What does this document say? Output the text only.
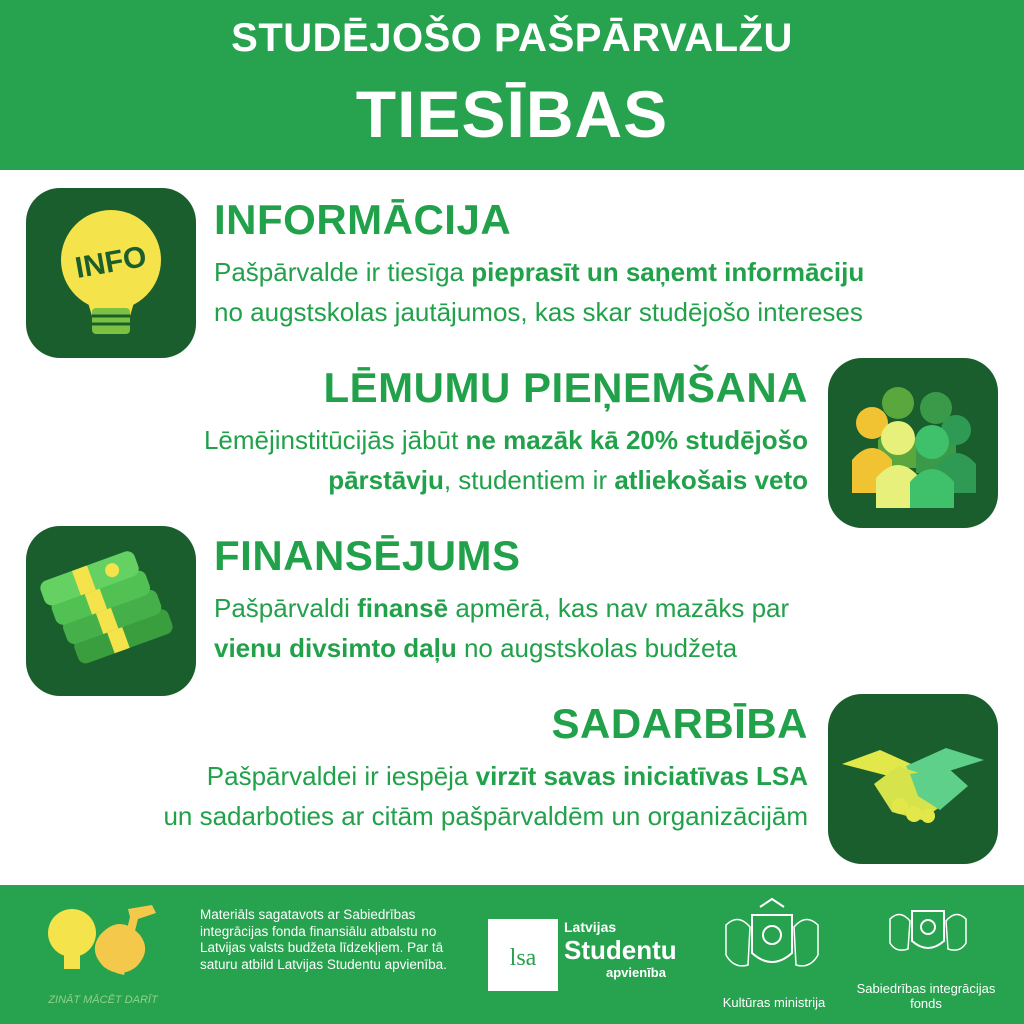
STUDĒJOŠO PAŠPĀRVALŽU
TIESĪBAS
INFO
INFORMĀCIJA
Pašpārvalde ir tiesīga pieprasīt un saņemt informāciju
no augstskolas jautājumos, kas skar studējošo intereses
LĒMUMU PIEŅEMŠANA
Lēmējinstitūcijās jābūt ne mazāk kā 20% studējošo
pārstāvju, studentiem ir atliekošais veto
FINANSĒJUMS
Pašpārvaldi finansē apmērā, kas nav mazāks par
vienu divsimto daļu no augstskolas budžeta
SADARBĪBA
Pašpārvaldei ir iespēja virzīt savas iniciatīvas LSA
un sadarboties ar citām pašpārvaldēm un organizācijām
ZINĀT MĀCĒT DARĪT
Materiāls sagatavots ar Sabiedrības integrācijas fonda finansiālu atbalstu no Latvijas valsts budžeta līdzekļiem. Par tā saturu atbild Latvijas Studentu apvienība.	lsa
Latvijas
Studentu
apvienība
Kultūras ministrija
Sabiedrības integrācijas
fonds
